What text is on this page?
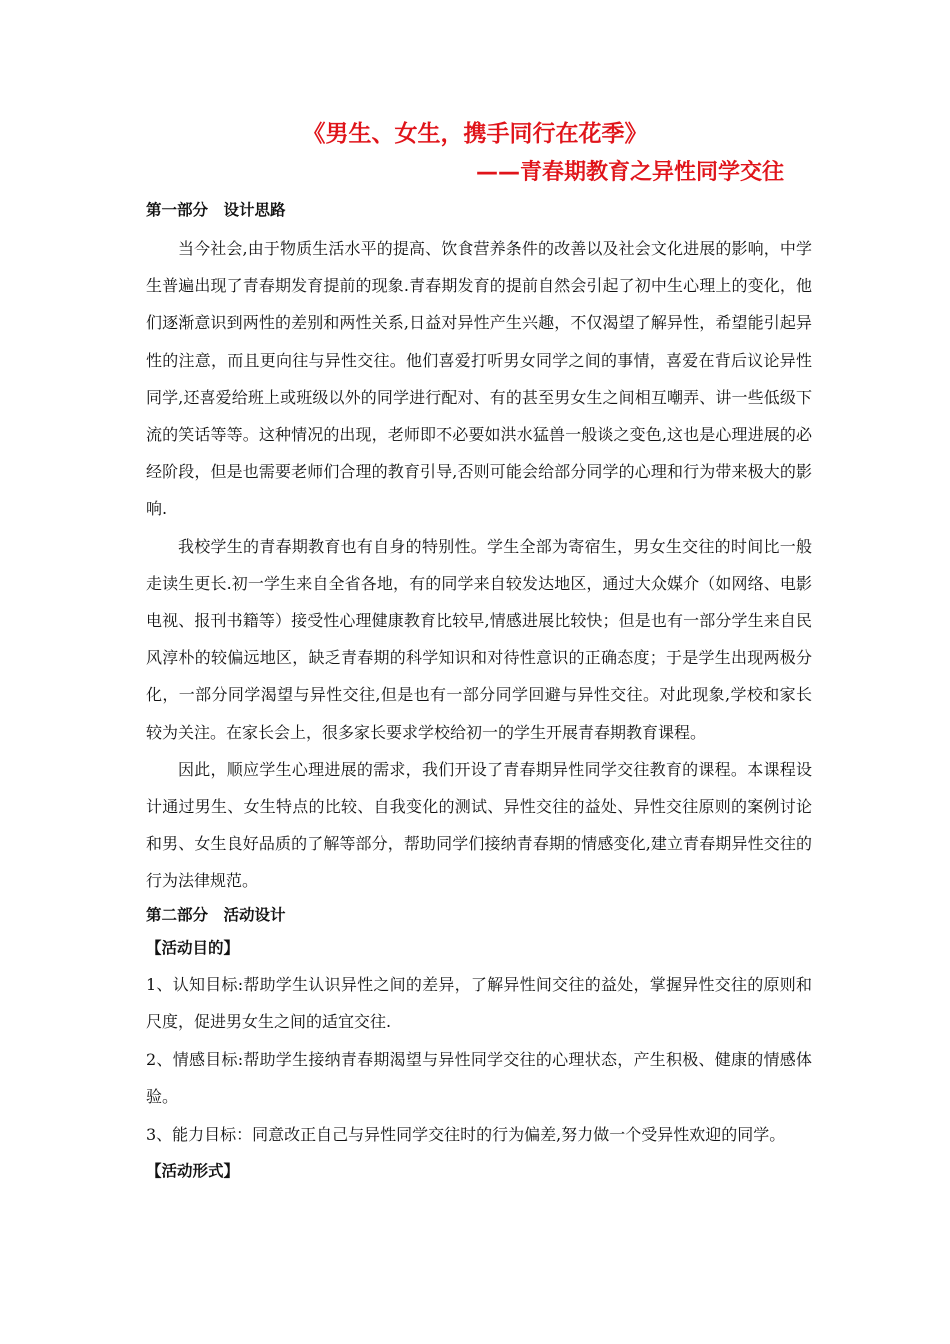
《男生、女生，携手同行在花季》
——青春期教育之异性同学交往
第一部分　设计思路

当今社会,由于物质生活水平的提高、饮食营养条件的改善以及社会文化进展的影响，中学生普遍出现了青春期发育提前的现象.青春期发育的提前自然会引起了初中生心理上的变化，他们逐渐意识到两性的差别和两性关系,日益对异性产生兴趣，不仅渴望了解异性，希望能引起异性的注意，而且更向往与异性交往。他们喜爱打听男女同学之间的事情，喜爱在背后议论异性同学,还喜爱给班上或班级以外的同学进行配对、有的甚至男女生之间相互嘲弄、讲一些低级下流的笑话等等。这种情况的出现，老师即不必要如洪水猛兽一般谈之变色,这也是心理进展的必经阶段，但是也需要老师们合理的教育引导,否则可能会给部分同学的心理和行为带来极大的影响.

我校学生的青春期教育也有自身的特别性。学生全部为寄宿生，男女生交往的时间比一般走读生更长.初一学生来自全省各地，有的同学来自较发达地区，通过大众媒介（如网络、电影电视、报刊书籍等）接受性心理健康教育比较早,情感进展比较快；但是也有一部分学生来自民风淳朴的较偏远地区，缺乏青春期的科学知识和对待性意识的正确态度；于是学生出现两极分化，一部分同学渴望与异性交往,但是也有一部分同学回避与异性交往。对此现象,学校和家长较为关注。在家长会上，很多家长要求学校给初一的学生开展青春期教育课程。

因此，顺应学生心理进展的需求，我们开设了青春期异性同学交往教育的课程。本课程设计通过男生、女生特点的比较、自我变化的测试、异性交往的益处、异性交往原则的案例讨论和男、女生良好品质的了解等部分，帮助同学们接纳青春期的情感变化,建立青春期异性交往的行为法律规范。

第二部分　活动设计
【活动目的】

1、认知目标:帮助学生认识异性之间的差异，了解异性间交往的益处，掌握异性交往的原则和尺度，促进男女生之间的适宜交往.

2、情感目标:帮助学生接纳青春期渴望与异性同学交往的心理状态，产生积极、健康的情感体验。

3、能力目标：同意改正自己与异性同学交往时的行为偏差,努力做一个受异性欢迎的同学。

【活动形式】
